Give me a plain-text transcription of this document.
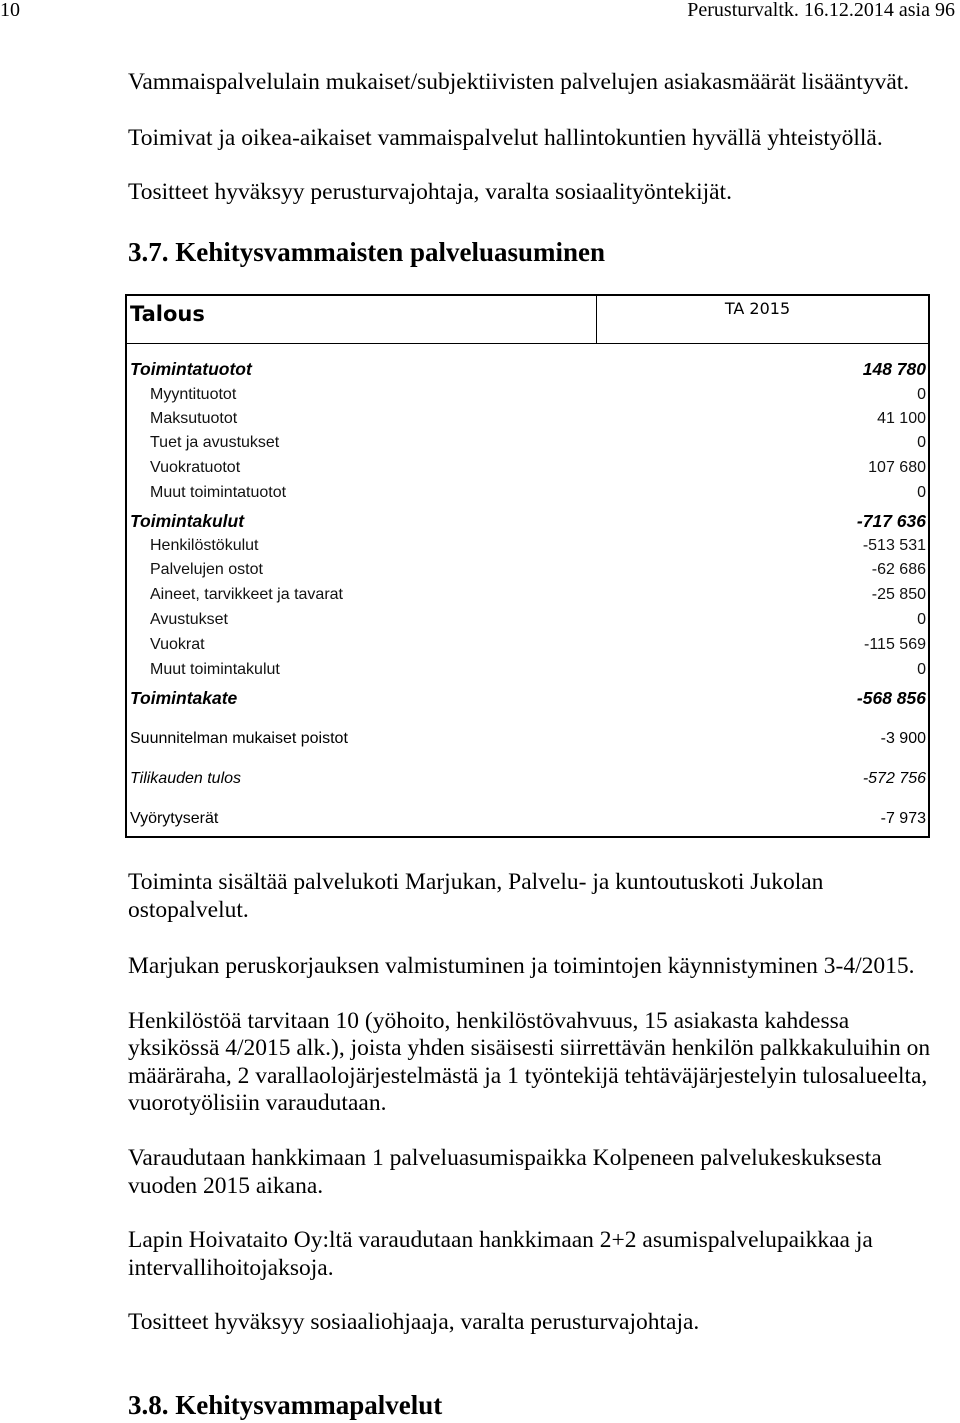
10	Perusturvaltk. 16.12.2014 asia 96
Vammaispalvelulain mukaiset/subjektiivisten palvelujen asiakasmäärät lisääntyvät.
Toimivat ja oikea-aikaiset vammaispalvelut hallintokuntien hyvällä yhteistyöllä.
Tositteet hyväksyy perusturvajohtaja, varalta sosiaalityöntekijät.
3.7. Kehitysvammaisten palveluasuminen
Talous	TA 2015
Toimintatuotot	148 780
Myyntituotot	0
Maksutuotot	41 100
Tuet ja avustukset	0
Vuokratuotot	107 680
Muut toimintatuotot	0
Toimintakulut	-717 636
Henkilöstökulut	-513 531
Palvelujen ostot	-62 686
Aineet, tarvikkeet ja tavarat	-25 850
Avustukset	0
Vuokrat	-115 569
Muut toimintakulut	0
Toimintakate	-568 856
Suunnitelman mukaiset poistot	-3 900
Tilikauden tulos	-572 756
Vyörytyserät	-7 973
Toiminta sisältää palvelukoti Marjukan, Palvelu- ja kuntoutuskoti Jukolan
ostopalvelut.
Marjukan peruskorjauksen valmistuminen ja toimintojen käynnistyminen 3-4/2015.
Henkilöstöä tarvitaan 10 (yöhoito, henkilöstövahvuus, 15 asiakasta kahdessa
yksikössä 4/2015 alk.), joista yhden sisäisesti siirrettävän henkilön palkkakuluihin on
määräraha, 2 varallaolojärjestelmästä ja 1 työntekijä tehtäväjärjestelyin tulosalueelta,
vuorotyölisiin varaudutaan.
Varaudutaan hankkimaan 1 palveluasumispaikka Kolpeneen palvelukeskuksesta
vuoden 2015 aikana.
Lapin Hoivataito Oy:ltä varaudutaan hankkimaan 2+2 asumispalvelupaikkaa ja
intervallihoitojaksoja.
Tositteet hyväksyy sosiaaliohjaaja, varalta perusturvajohtaja.
3.8. Kehitysvammapalvelut
